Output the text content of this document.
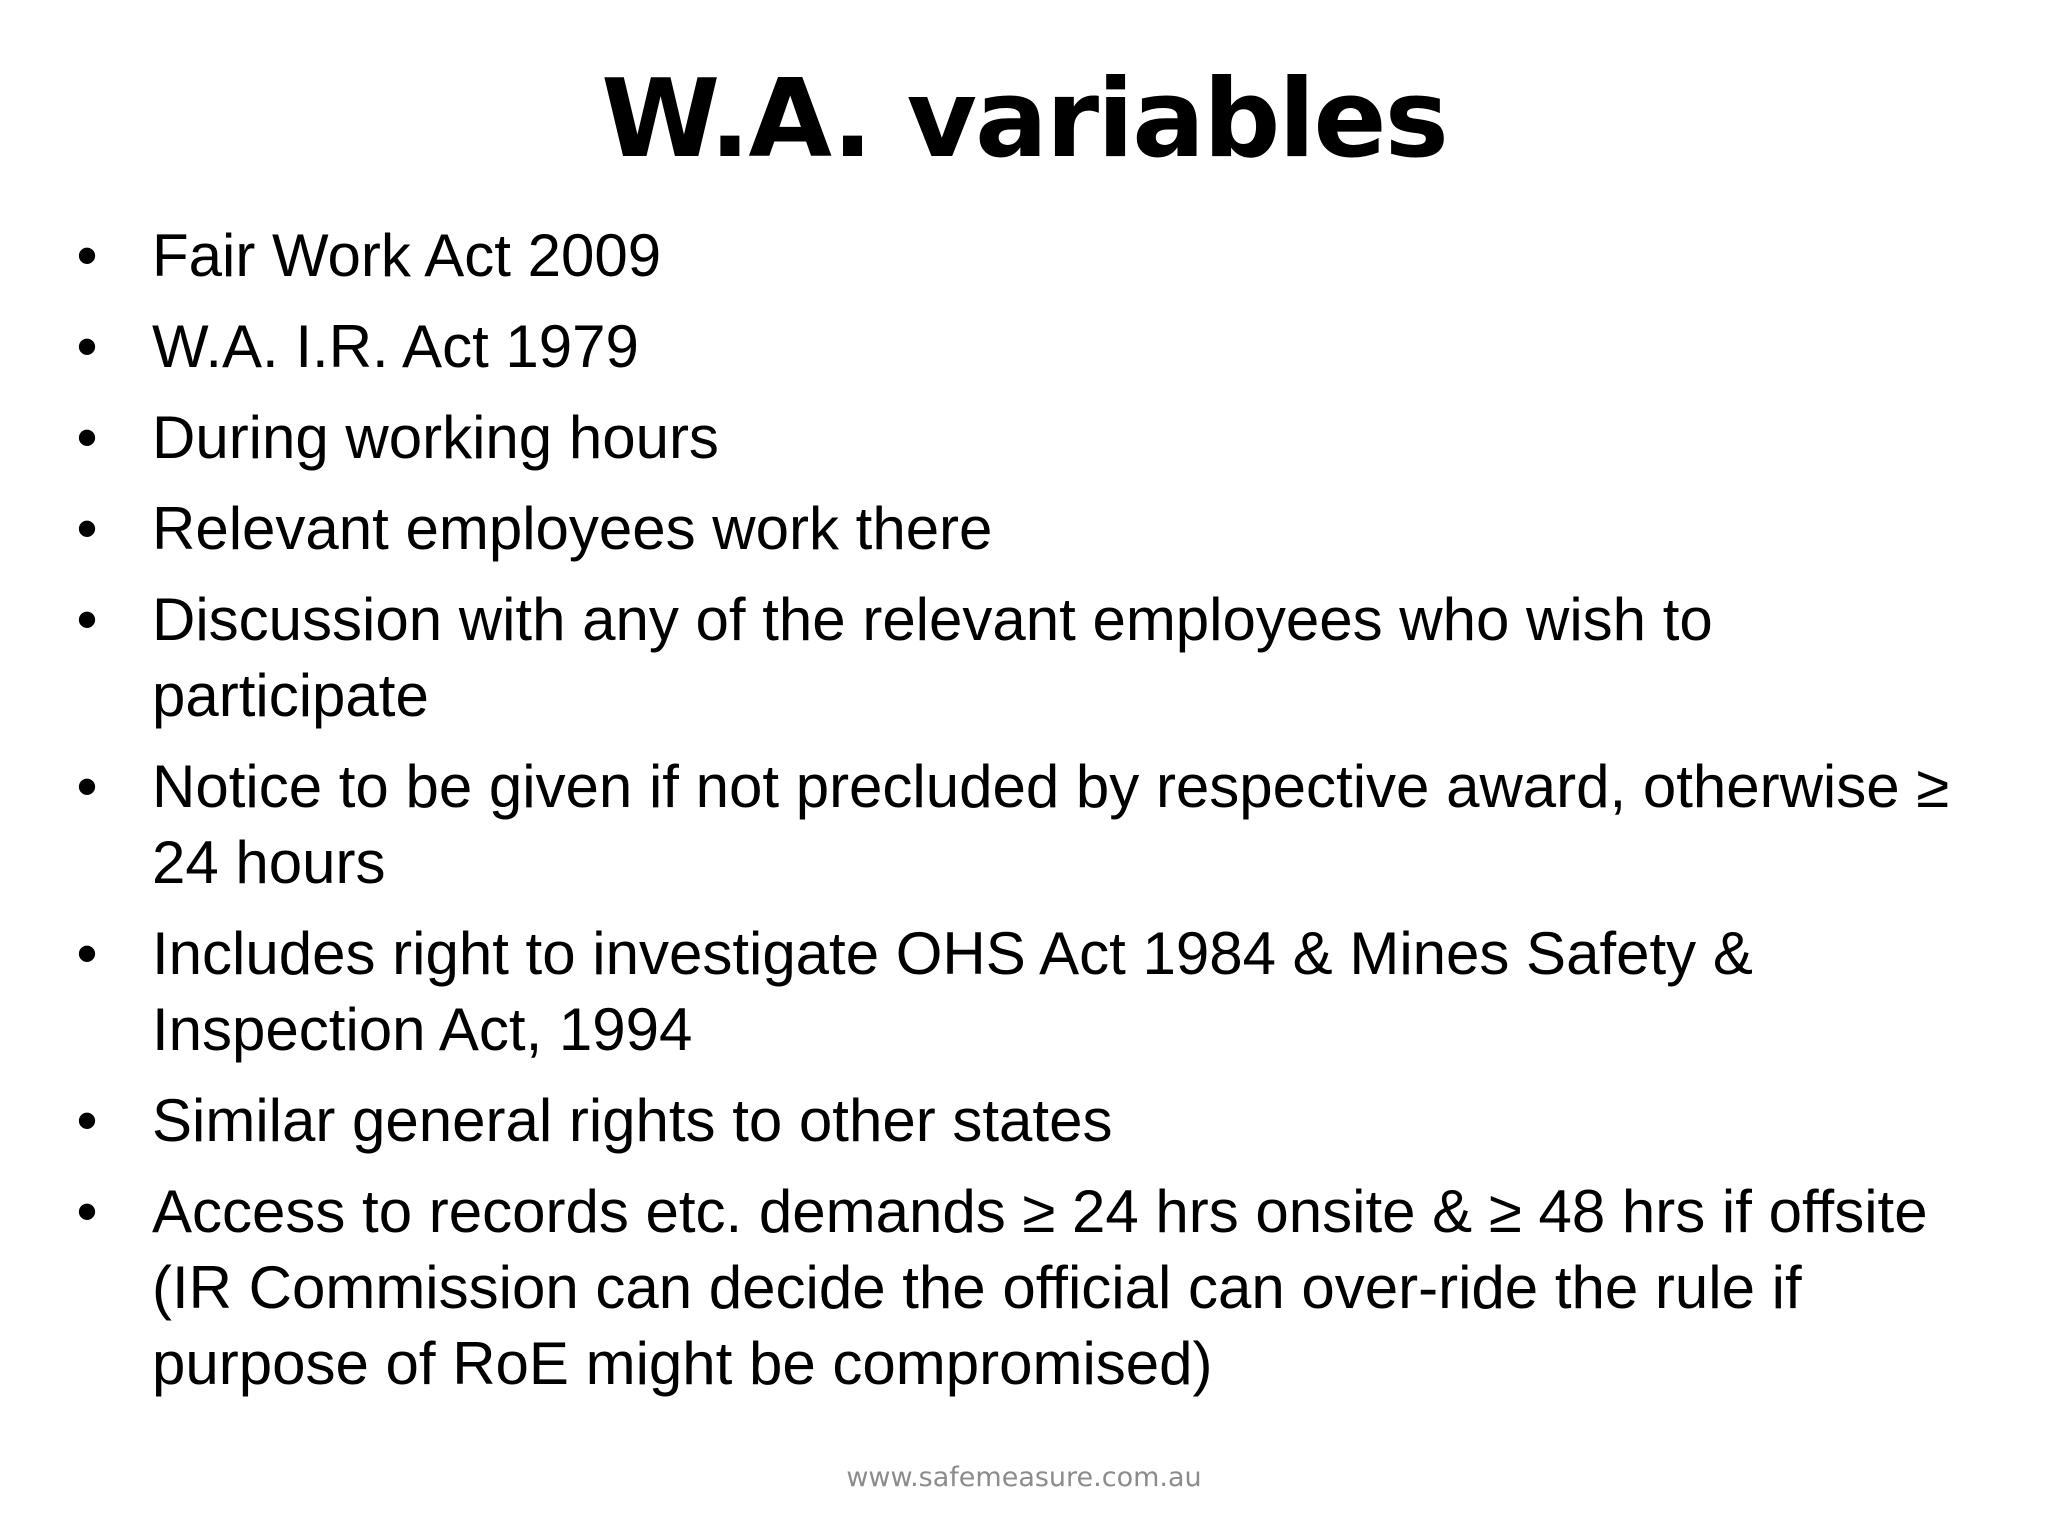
W.A. variables
• Fair Work Act 2009
• W.A. I.R. Act 1979
• During working hours
• Relevant employees work there
• Discussion with any of the relevant employees who wish to participate
• Notice to be given if not precluded by respective award, otherwise ≥ 24 hours
• Includes right to investigate OHS Act 1984 & Mines Safety & Inspection Act, 1994
• Similar general rights to other states
• Access to records etc. demands ≥ 24 hrs onsite & ≥ 48 hrs if offsite (IR Commission can decide the official can over-ride the rule if purpose of RoE might be compromised)
www.safemeasure.com.au
